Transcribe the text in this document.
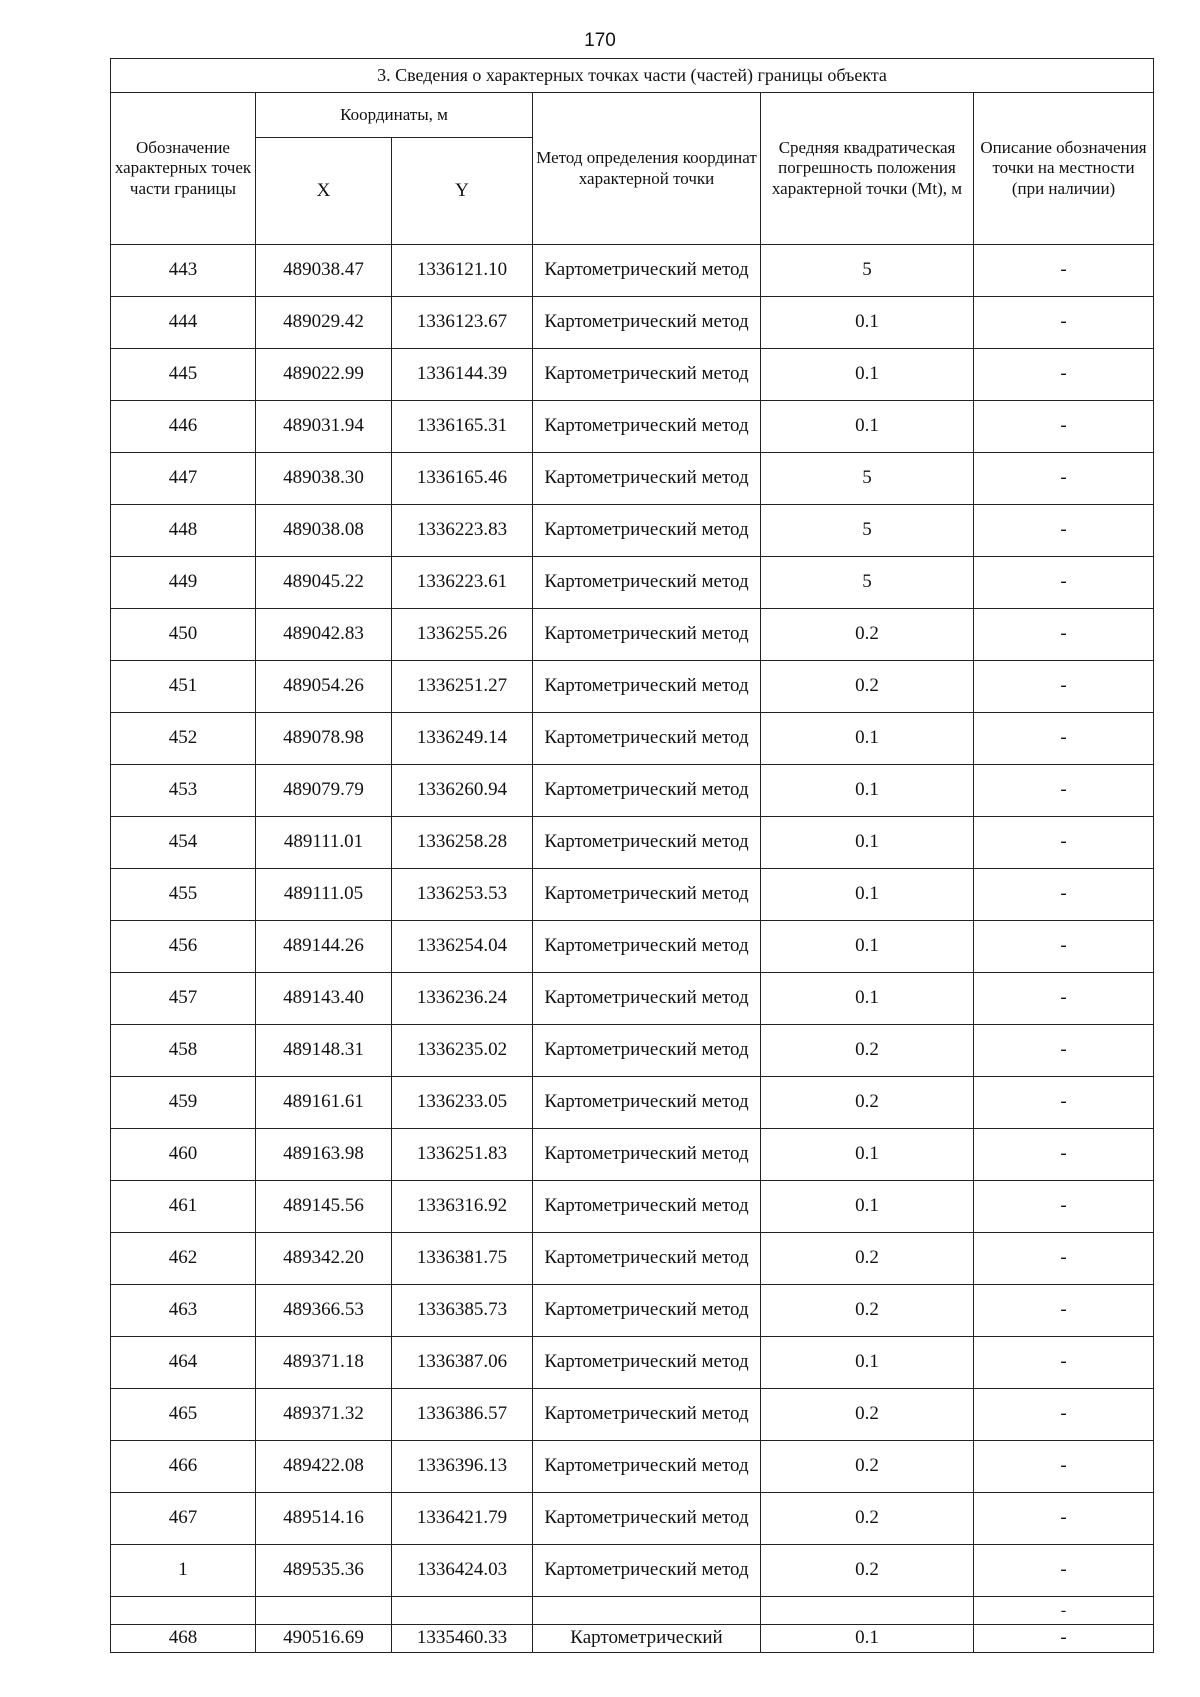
170
3. Сведения о характерных точках части (частей) границы объекта					
Обозначение характерных точек части границы	Координаты, м		Метод определения координат характерной точки	Средняя квадратическая погрешность положения характерной точки (Mt), м	Описание обозначения точки на местности (при наличии)
	X	Y			
443	489038.47	1336121.10	Картометрический метод	5	-
444	489029.42	1336123.67	Картометрический метод	0.1	-
445	489022.99	1336144.39	Картометрический метод	0.1	-
446	489031.94	1336165.31	Картометрический метод	0.1	-
447	489038.30	1336165.46	Картометрический метод	5	-
448	489038.08	1336223.83	Картометрический метод	5	-
449	489045.22	1336223.61	Картометрический метод	5	-
450	489042.83	1336255.26	Картометрический метод	0.2	-
451	489054.26	1336251.27	Картометрический метод	0.2	-
452	489078.98	1336249.14	Картометрический метод	0.1	-
453	489079.79	1336260.94	Картометрический метод	0.1	-
454	489111.01	1336258.28	Картометрический метод	0.1	-
455	489111.05	1336253.53	Картометрический метод	0.1	-
456	489144.26	1336254.04	Картометрический метод	0.1	-
457	489143.40	1336236.24	Картометрический метод	0.1	-
458	489148.31	1336235.02	Картометрический метод	0.2	-
459	489161.61	1336233.05	Картометрический метод	0.2	-
460	489163.98	1336251.83	Картометрический метод	0.1	-
461	489145.56	1336316.92	Картометрический метод	0.1	-
462	489342.20	1336381.75	Картометрический метод	0.2	-
463	489366.53	1336385.73	Картометрический метод	0.2	-
464	489371.18	1336387.06	Картометрический метод	0.1	-
465	489371.32	1336386.57	Картометрический метод	0.2	-
466	489422.08	1336396.13	Картометрический метод	0.2	-
467	489514.16	1336421.79	Картометрический метод	0.2	-
1	489535.36	1336424.03	Картометрический метод	0.2	-
					-
468	490516.69	1335460.33	Картометрический	0.1	-
